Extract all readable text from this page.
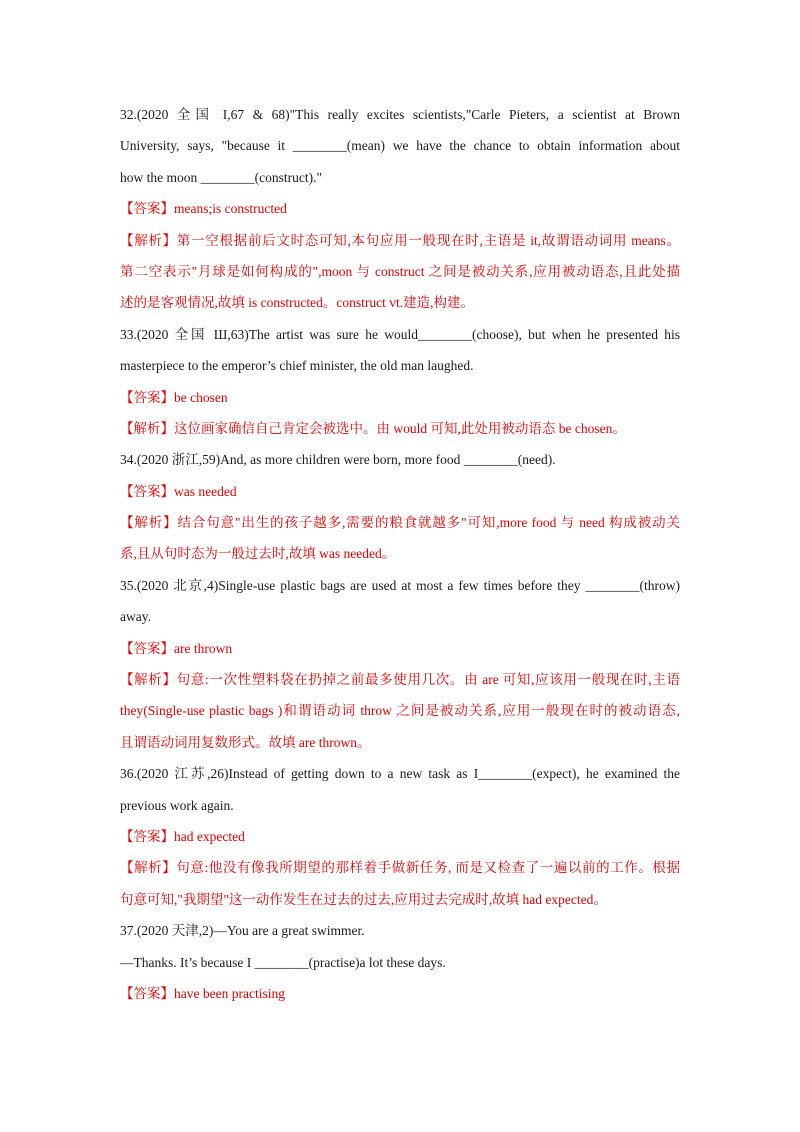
32.(2020 全国 I,67 & 68)"This really excites scientists,"Carle Pieters, a scientist at Brown
University, says, "because it ________(mean) we have the chance to obtain information about
how the moon ________(construct)."
【答案】means;is constructed
【解析】第一空根据前后文时态可知,本句应用一般现在时,主语是 it,故谓语动词用 means。
第二空表示"月球是如何构成的",moon 与 construct 之间是被动关系,应用被动语态,且此处描
述的是客观情况,故填 is constructed。construct vt.建造,构建。
33.(2020 全国 Ш,63)The artist was sure he would________(choose), but when he presented his
masterpiece to the emperor’s chief minister, the old man laughed.
【答案】be chosen
【解析】这位画家确信自己肯定会被选中。由 would 可知,此处用被动语态 be chosen。
34.(2020 浙江,59)And, as more children were born, more food ________(need).
【答案】was needed
【解析】结合句意"出生的孩子越多,需要的粮食就越多"可知,more food 与 need 构成被动关
系,且从句时态为一般过去时,故填 was needed。
35.(2020 北京,4)Single-use plastic bags are used at most a few times before they ________(throw)
away.
【答案】are thrown
【解析】句意:一次性塑料袋在扔掉之前最多使用几次。由 are 可知,应该用一般现在时,主语
they(Single-use plastic bags )和谓语动词 throw 之间是被动关系,应用一般现在时的被动语态,
且谓语动词用复数形式。故填 are thrown。
36.(2020 江苏,26)Instead of getting down to a new task as I________(expect), he examined the
previous work again.
【答案】had expected
【解析】句意:他没有像我所期望的那样着手做新任务, 而是又检查了一遍以前的工作。根据
句意可知,"我期望"这一动作发生在过去的过去,应用过去完成时,故填 had expected。
37.(2020 天津,2)—You are a great swimmer.
—Thanks. It’s because I ________(practise)a lot these days.
【答案】have been practising
